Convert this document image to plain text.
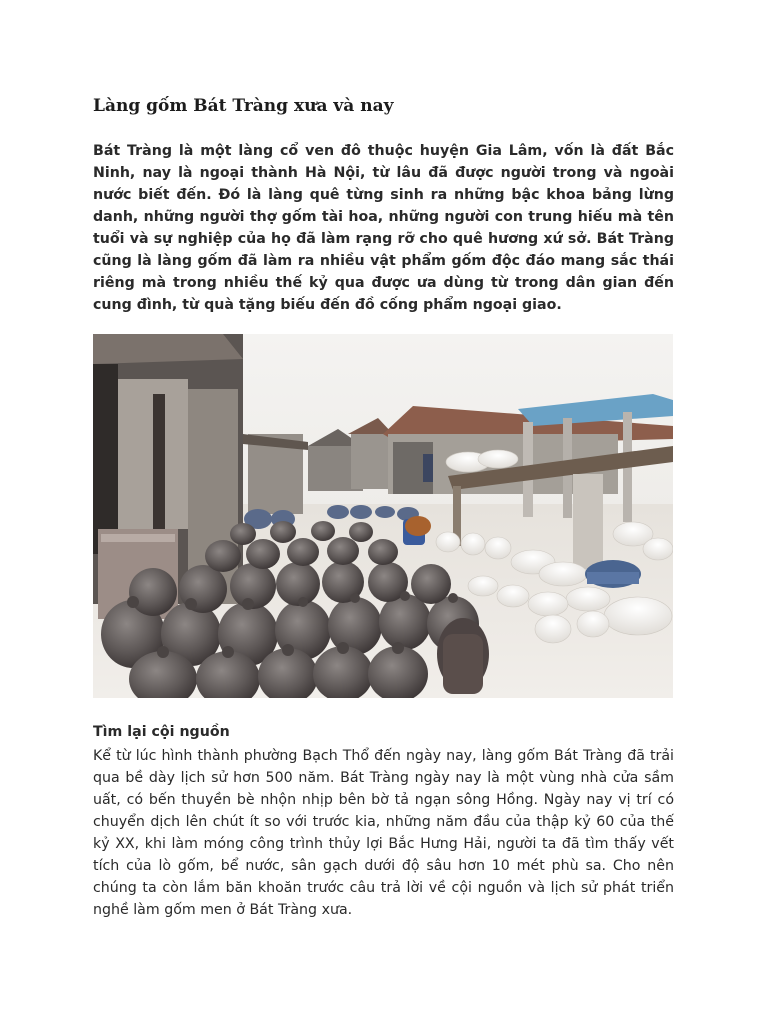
Làng gốm Bát Tràng xưa và nay

Bát Tràng là một làng cổ ven đô thuộc huyện Gia Lâm, vốn là đất Bắc Ninh, nay là ngoại thành Hà Nội, từ lâu đã được người trong và ngoài nước biết đến. Đó là làng quê từng sinh ra những bậc khoa bảng lừng danh, những người thợ gốm tài hoa, những người con trung hiếu mà tên tuổi và sự nghiệp của họ đã làm rạng rỡ cho quê hương xứ sở. Bát Tràng cũng là làng gốm đã làm ra nhiều vật phẩm gốm độc đáo mang sắc thái riêng mà trong nhiều thế kỷ qua được ưa dùng từ trong dân gian đến cung đình, từ quà tặng biếu đến đồ cống phẩm ngoại giao.

Tìm lại cội nguồn

Kể từ lúc hình thành phường Bạch Thổ đến ngày nay, làng gốm Bát Tràng đã trải qua bề dày lịch sử hơn 500 năm. Bát Tràng ngày nay là một vùng nhà cửa sầm uất, có bến thuyền bè nhộn nhịp bên bờ tả ngạn sông Hồng. Ngày nay vị trí có chuyển dịch lên chút ít so với trước kia, những năm đầu của thập kỷ 60 của thế kỷ XX, khi làm móng công trình thủy lợi Bắc Hưng Hải, người ta đã tìm thấy vết tích của lò gốm, bể nước, sân gạch dưới độ sâu hơn 10 mét phù sa. Cho nên chúng ta còn lắm băn khoăn trước câu trả lời về cội nguồn và lịch sử phát triển nghề làm gốm men ở Bát Tràng xưa.
